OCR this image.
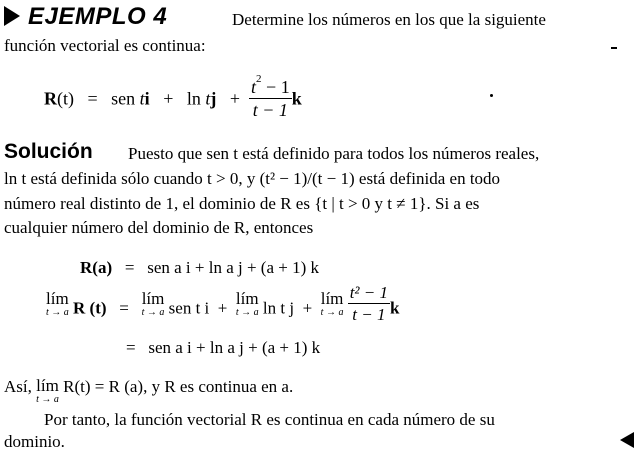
EJEMPLO 4	Determine los números en los que la siguiente
función vectorial es continua:
R(t) = sen ti + ln tj + $\frac{t^2 - 1}{t - 1}$ k
Solución Puesto que sen t está definido para todos los números reales,
ln t está definida sólo cuando t > 0, y (t² − 1)/(t − 1) está definida en todo
número real distinto de 1, el dominio de R es {t | t > 0 y t ≠ 1}. Si a es
cualquier número del dominio de R, entonces
R(a) = sen a i + ln a j + (a + 1) k
lím
t → a R (t) = lím
t → a sen t i + lím
t → a ln t j + lím
t → a
$\frac{\text{t² − 1}}{t - 1}$ k
= sen a i + ln a j + (a + 1) k
Así, lím
t → a
R(t) = R (a), y R es continua en a.
Por tanto, la función vectorial R es continua en cada número de su
dominio.
